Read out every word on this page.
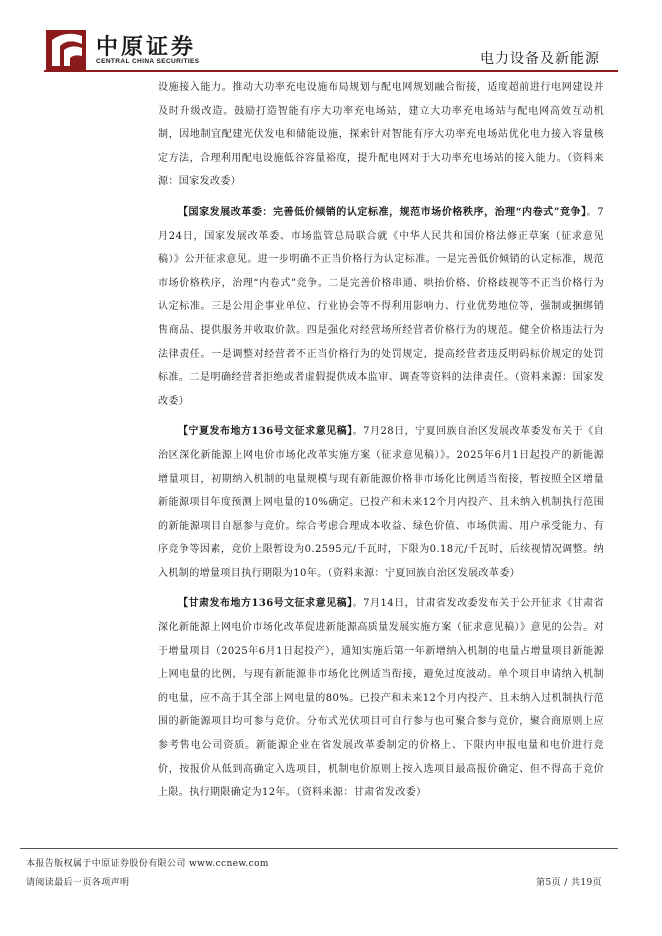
中原证券
CENTRAL CHINA SECURITIES	电力设备及新能源

设施接入能力。推动大功率充电设施布局规划与配电网规划融合衔接，适度超前进行电网建设并及时升级改造。鼓励打造智能有序大功率充电场站，建立大功率充电场站与配电网高效互动机制，因地制宜配建光伏发电和储能设施，探索针对智能有序大功率充电场站优化电力接入容量核定方法，合理利用配电设施低谷容量裕度，提升配电网对于大功率充电场站的接入能力。（资料来源：国家发改委）

【国家发展改革委：完善低价倾销的认定标准，规范市场价格秩序，治理“内卷式”竞争】。7月24日，国家发展改革委、市场监管总局联合就《中华人民共和国价格法修正草案（征求意见稿）》公开征求意见。进一步明确不正当价格行为认定标准。一是完善低价倾销的认定标准，规范市场价格秩序，治理“内卷式”竞争。二是完善价格串通、哄抬价格、价格歧视等不正当价格行为认定标准。三是公用企事业单位、行业协会等不得利用影响力、行业优势地位等，强制或捆绑销售商品、提供服务并收取价款。四是强化对经营场所经营者价格行为的规范。健全价格违法行为法律责任。一是调整对经营者不正当价格行为的处罚规定，提高经营者违反明码标价规定的处罚标准。二是明确经营者拒绝或者虚假提供成本监审、调查等资料的法律责任。（资料来源：国家发改委）

【宁夏发布地方136号文征求意见稿】。7月28日，宁夏回族自治区发展改革委发布关于《自治区深化新能源上网电价市场化改革实施方案（征求意见稿）》。2025年6月1日起投产的新能源增量项目，初期纳入机制的电量规模与现有新能源价格非市场化比例适当衔接，暂按照全区增量新能源项目年度预测上网电量的10%确定。已投产和未来12个月内投产、且未纳入机制执行范围的新能源项目自愿参与竞价。综合考虑合理成本收益、绿色价值、市场供需、用户承受能力、有序竞争等因素，竞价上限暂设为0.2595元/千瓦时，下限为0.18元/千瓦时，后续视情况调整。纳入机制的增量项目执行期限为10年。（资料来源：宁夏回族自治区发展改革委）

【甘肃发布地方136号文征求意见稿】。7月14日，甘肃省发改委发布关于公开征求《甘肃省深化新能源上网电价市场化改革促进新能源高质量发展实施方案（征求意见稿）》意见的公告。对于增量项目（2025年6月1日起投产），通知实施后第一年新增纳入机制的电量占增量项目新能源上网电量的比例，与现有新能源非市场化比例适当衔接，避免过度波动。单个项目申请纳入机制的电量，应不高于其全部上网电量的80%。已投产和未来12个月内投产、且未纳入过机制执行范围的新能源项目均可参与竞价。分布式光伏项目可自行参与也可聚合参与竞价，聚合商原则上应参考售电公司资质。新能源企业在省发展改革委制定的价格上、下限内申报电量和电价进行竞价，按报价从低到高确定入选项目，机制电价原则上按入选项目最高报价确定、但不得高于竞价上限。执行期限确定为12年。（资料来源：甘肃省发改委）

本报告版权属于中原证券股份有限公司 www.ccnew.com
请阅读最后一页各项声明	第5页 / 共19页
